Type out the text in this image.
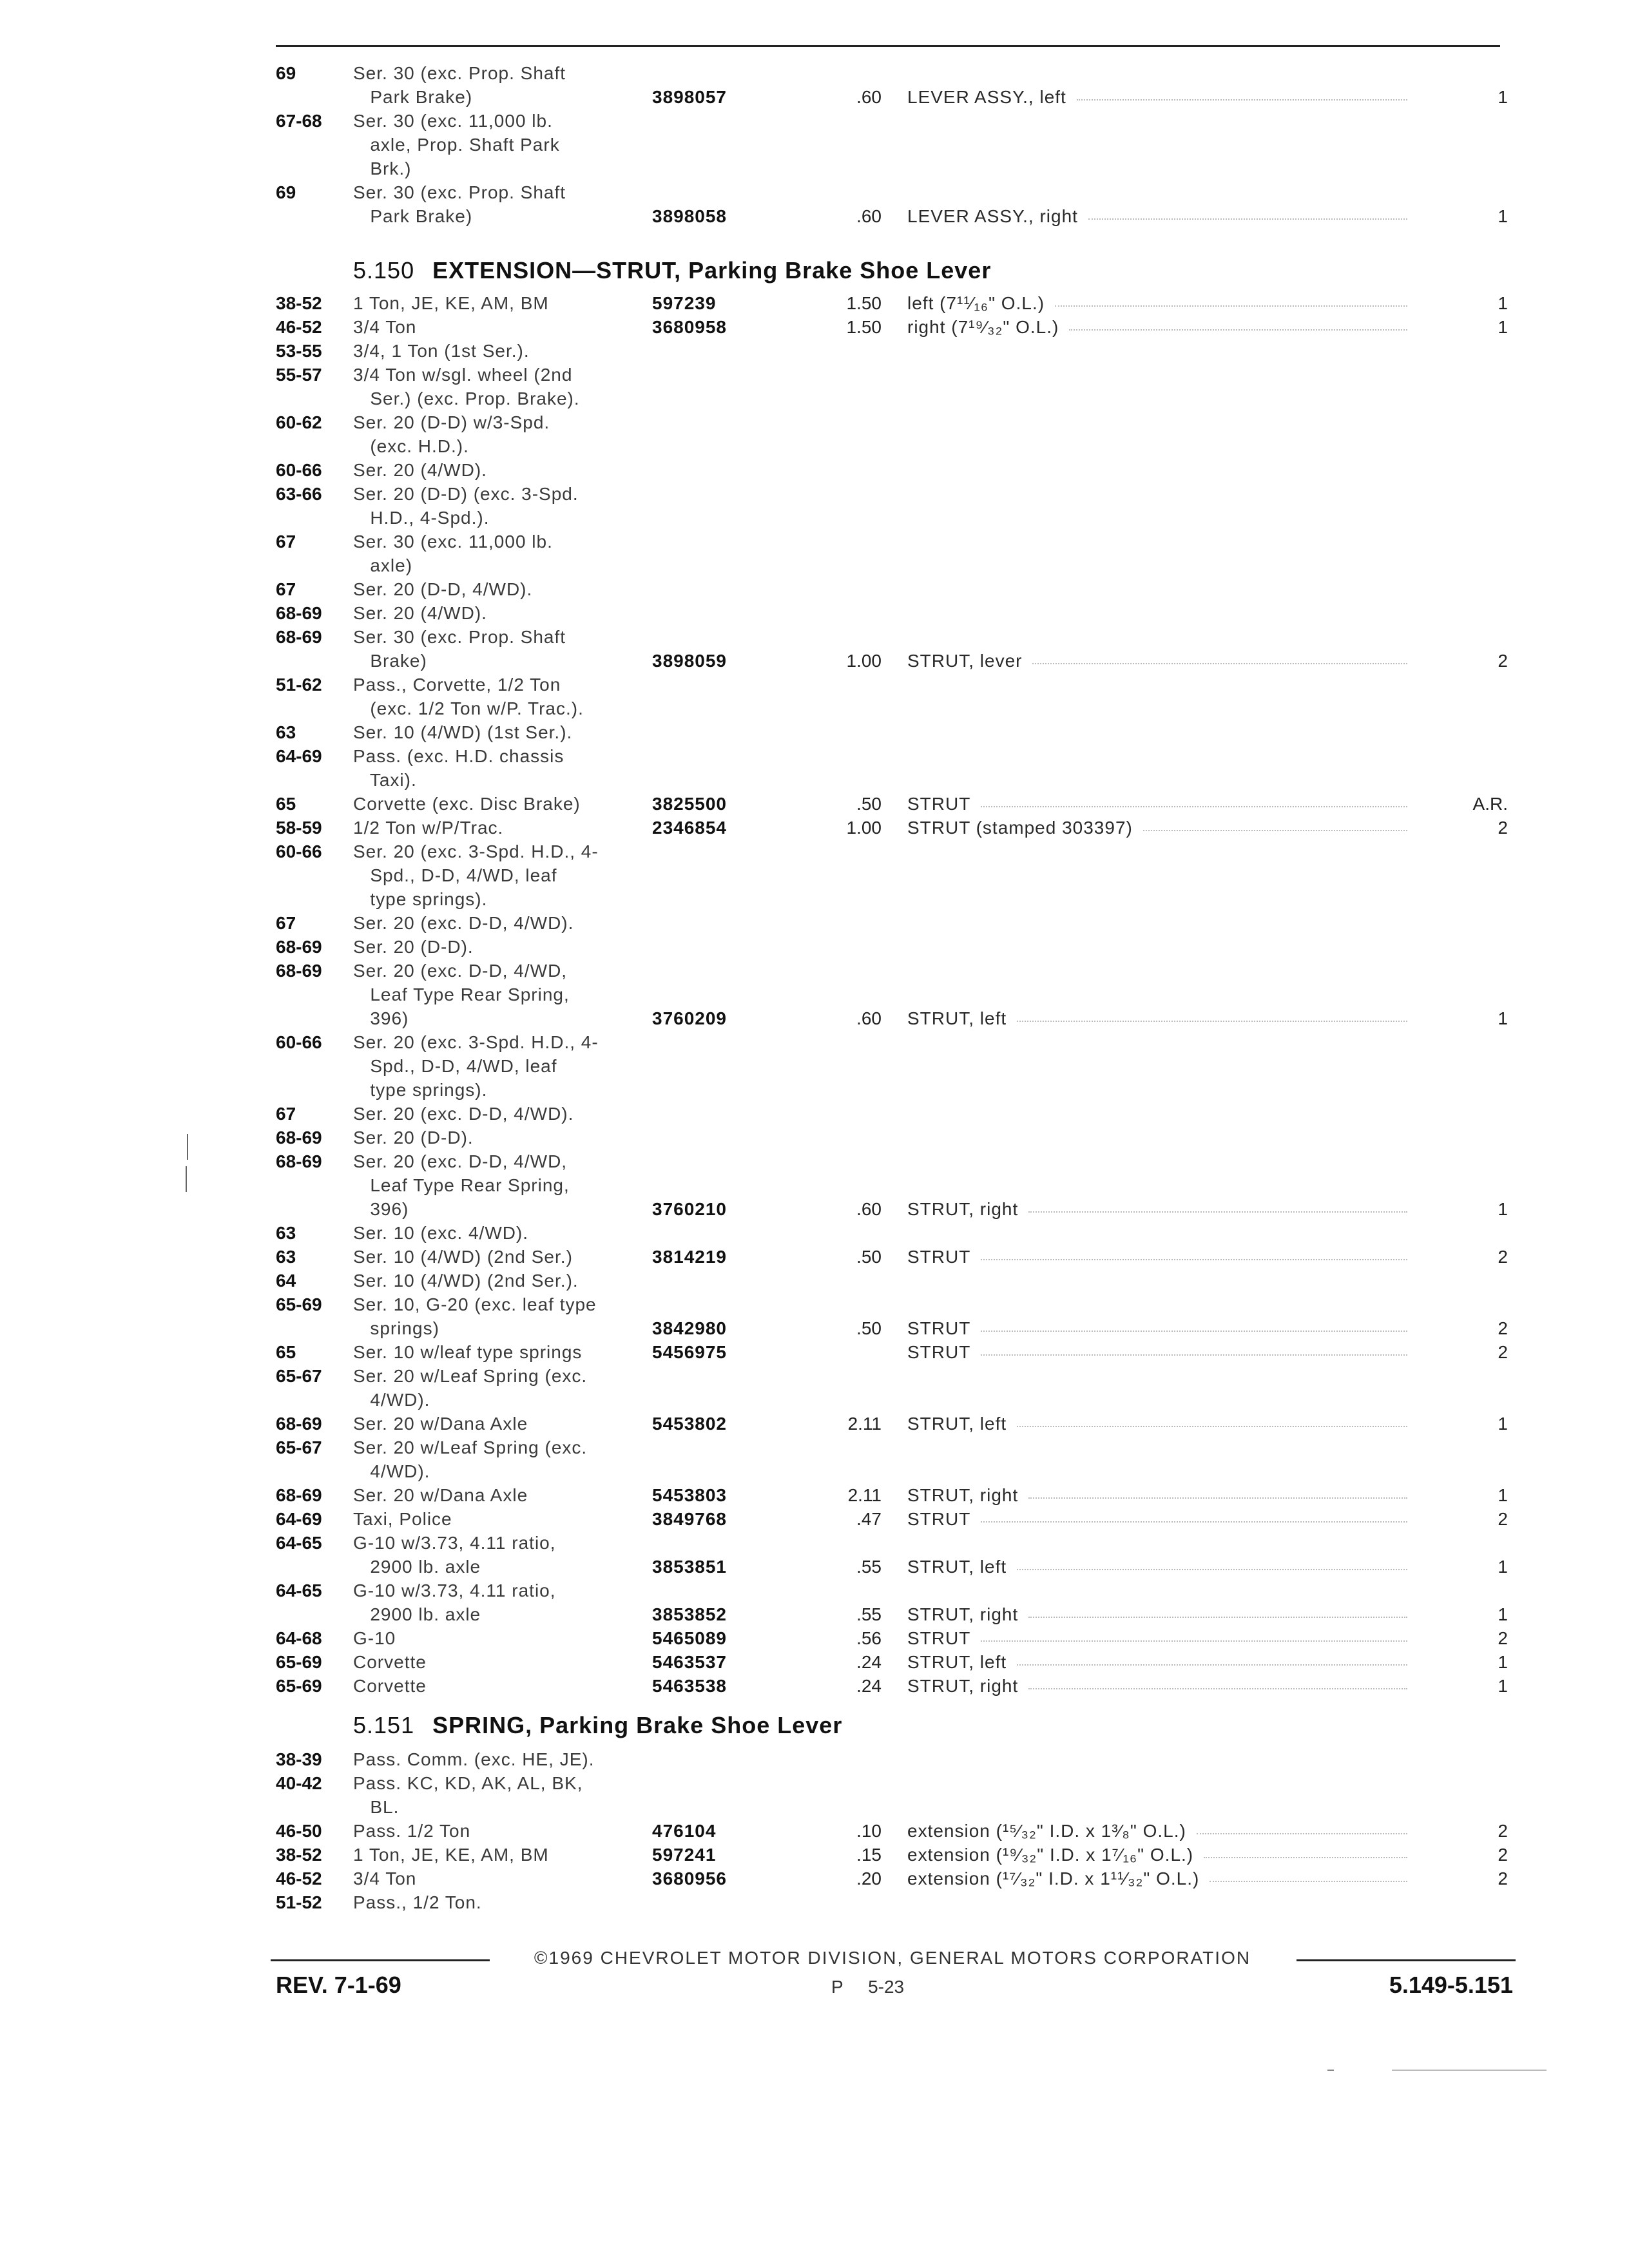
69	Ser. 30 (exc. Prop. Shaft
Park Brake)	3898057	.60 LEVER ASSY., left	1
67-68 Ser. 30 (exc. 11,000 lb.
axle, Prop. Shaft Park
Brk.)
69	Ser. 30 (exc. Prop. Shaft
Park Brake)	3898058	.60 LEVER ASSY., right	1
5.150 EXTENSION—STRUT, Parking Brake Shoe Lever
38-52 1 Ton, JE, KE, AM, BM	597239	1.50 left (7¹¹⁄₁₆" O.L.)	1
46-52 3/4 Ton	3680958	1.50 right (7¹⁹⁄₃₂" O.L.)	1
53-55 3/4, 1 Ton (1st Ser.).
55-57 3/4 Ton w/sgl. wheel (2nd
Ser.) (exc. Prop. Brake).
60-62 Ser. 20 (D-D) w/3-Spd.
(exc. H.D.).
60-66 Ser. 20 (4/WD).
63-66 Ser. 20 (D-D) (exc. 3-Spd.
H.D., 4-Spd.).
67	Ser. 30 (exc. 11,000 lb.
axle)
67	Ser. 20 (D-D, 4/WD).
68-69 Ser. 20 (4/WD).
68-69 Ser. 30 (exc. Prop. Shaft
Brake)	3898059	1.00 STRUT, lever	2
51-62 Pass., Corvette, 1/2 Ton
(exc. 1/2 Ton w/P. Trac.).
63	Ser. 10 (4/WD) (1st Ser.).
64-69 Pass. (exc. H.D. chassis
Taxi).
65	Corvette (exc. Disc Brake)	3825500	.50 STRUT	A.R.
58-59 1/2 Ton w/P/Trac.	2346854	1.00 STRUT (stamped 303397)	2
60-66 Ser. 20 (exc. 3-Spd. H.D., 4-
Spd., D-D, 4/WD, leaf
type springs).
67	Ser. 20 (exc. D-D, 4/WD).
68-69 Ser. 20 (D-D).
68-69 Ser. 20 (exc. D-D, 4/WD,
Leaf Type Rear Spring,
396)	3760209	.60 STRUT, left	1
60-66 Ser. 20 (exc. 3-Spd. H.D., 4-
Spd., D-D, 4/WD, leaf
type springs).
67	Ser. 20 (exc. D-D, 4/WD).
68-69 Ser. 20 (D-D).
68-69 Ser. 20 (exc. D-D, 4/WD,
Leaf Type Rear Spring,
396)	3760210	.60 STRUT, right	1
63	Ser. 10 (exc. 4/WD).
63	Ser. 10 (4/WD) (2nd Ser.)	3814219	.50 STRUT	2
64	Ser. 10 (4/WD) (2nd Ser.).
65-69 Ser. 10, G-20 (exc. leaf type
springs)	3842980	.50 STRUT	2
65	Ser. 10 w/leaf type springs	5456975	STRUT	2
65-67 Ser. 20 w/Leaf Spring (exc.
4/WD).
68-69 Ser. 20 w/Dana Axle	5453802	2.11 STRUT, left	1
65-67 Ser. 20 w/Leaf Spring (exc.
4/WD).
68-69 Ser. 20 w/Dana Axle	5453803	2.11 STRUT, right	1
64-69 Taxi, Police	3849768	.47 STRUT	2
64-65 G-10 w/3.73, 4.11 ratio,
2900 lb. axle	3853851	.55 STRUT, left	1
64-65 G-10 w/3.73, 4.11 ratio,
2900 lb. axle	3853852	.55 STRUT, right	1
64-68 G-10	5465089	.56 STRUT	2
65-69 Corvette	5463537	.24 STRUT, left	1
65-69 Corvette	5463538	.24 STRUT, right	1
5.151 SPRING, Parking Brake Shoe Lever
38-39 Pass. Comm. (exc. HE, JE).
40-42 Pass. KC, KD, AK, AL, BK,
BL.
46-50 Pass. 1/2 Ton	476104	.10 extension (¹⁵⁄₃₂" I.D. x 1³⁄₈" O.L.)	2
38-52 1 Ton, JE, KE, AM, BM	597241	.15 extension (¹⁹⁄₃₂" I.D. x 1⁷⁄₁₆" O.L.)	2
46-52 3/4 Ton	3680956	.20 extension (¹⁷⁄₃₂" I.D. x 1¹¹⁄₃₂" O.L.)	2
51-52 Pass., 1/2 Ton.
©1969 CHEVROLET MOTOR DIVISION, GENERAL MOTORS CORPORATION
REV. 7-1-69	P     5-23	5.149-5.151
